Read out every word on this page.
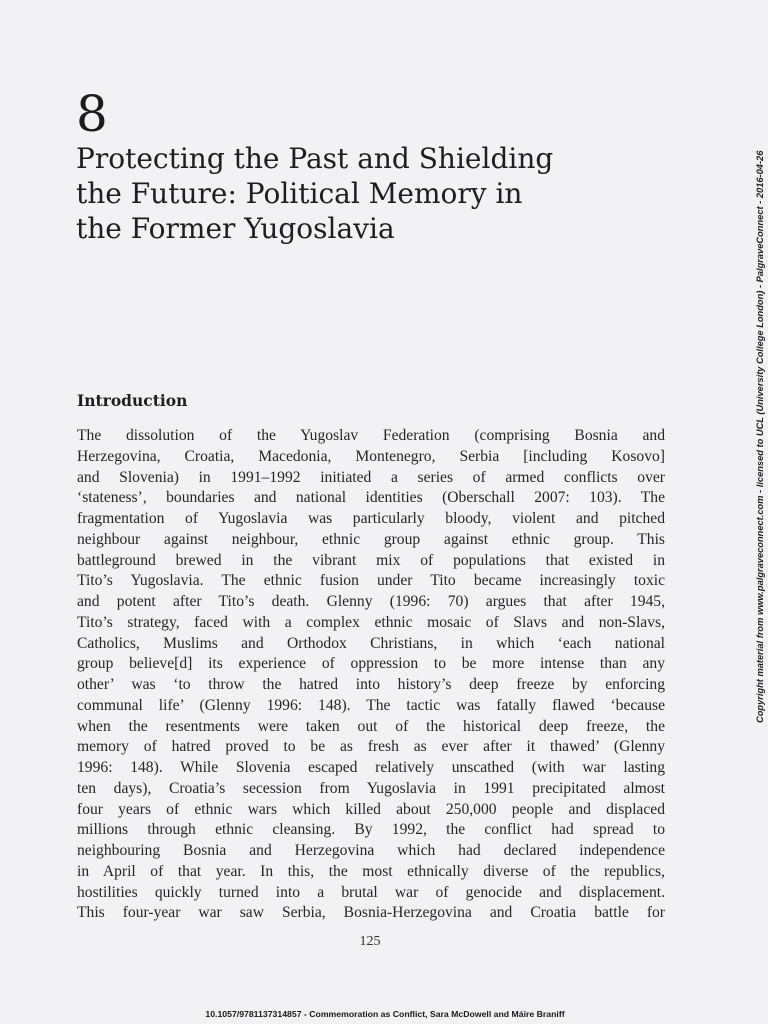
8
Protecting the Past and Shielding
the Future: Political Memory in
the Former Yugoslavia
Introduction
The dissolution of the Yugoslav Federation (comprising Bosnia and
Herzegovina, Croatia, Macedonia, Montenegro, Serbia [including Kosovo]
and Slovenia) in 1991–1992 initiated a series of armed conflicts over
‘stateness’, boundaries and national identities (Oberschall 2007: 103). The
fragmentation of Yugoslavia was particularly bloody, violent and pitched
neighbour against neighbour, ethnic group against ethnic group. This
battleground brewed in the vibrant mix of populations that existed in
Tito’s Yugoslavia. The ethnic fusion under Tito became increasingly toxic
and potent after Tito’s death. Glenny (1996: 70) argues that after 1945,
Tito’s strategy, faced with a complex ethnic mosaic of Slavs and non-Slavs,
Catholics, Muslims and Orthodox Christians, in which ‘each national
group believe[d] its experience of oppression to be more intense than any
other’ was ‘to throw the hatred into history’s deep freeze by enforcing
communal life’ (Glenny 1996: 148). The tactic was fatally flawed ‘because
when the resentments were taken out of the historical deep freeze, the
memory of hatred proved to be as fresh as ever after it thawed’ (Glenny
1996: 148). While Slovenia escaped relatively unscathed (with war lasting
ten days), Croatia’s secession from Yugoslavia in 1991 precipitated almost
four years of ethnic wars which killed about 250,000 people and displaced
millions through ethnic cleansing. By 1992, the conflict had spread to
neighbouring Bosnia and Herzegovina which had declared independence
in April of that year. In this, the most ethnically diverse of the republics,
hostilities quickly turned into a brutal war of genocide and displacement.
This four-year war saw Serbia, Bosnia-Herzegovina and Croatia battle for
125
Copyright material from www.palgraveconnect.com - licensed to UCL (University College London) - PalgraveConnect - 2016-04-26
10.1057/9781137314857 - Commemoration as Conflict, Sara McDowell and Máire Braniff
